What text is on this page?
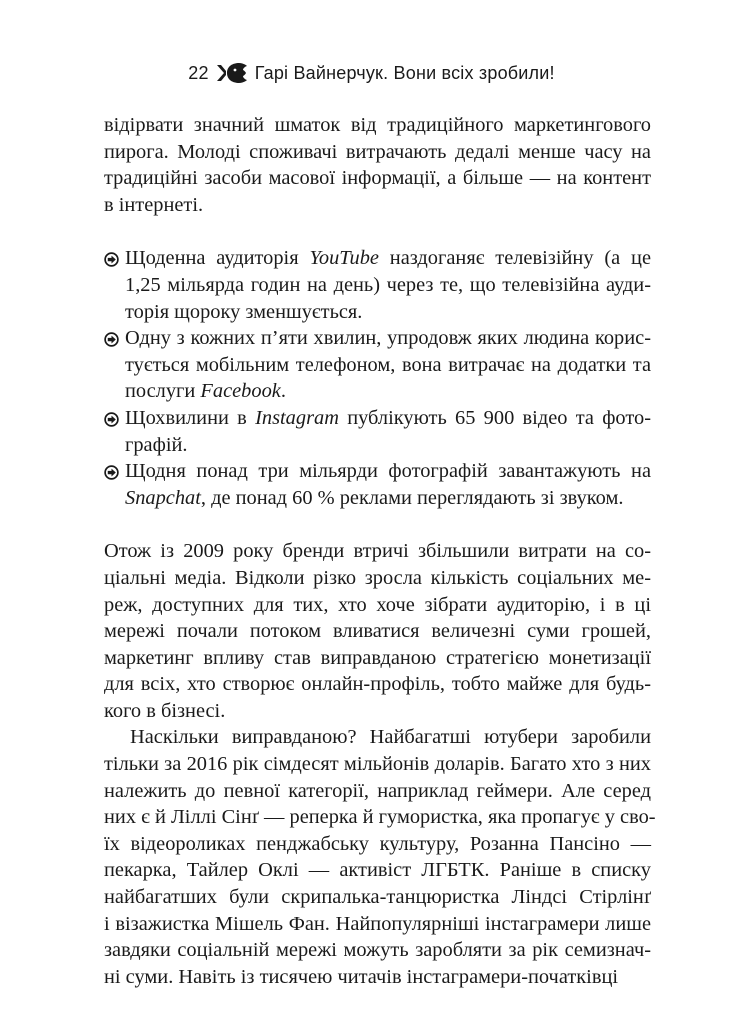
22	Гарі Вайнерчук. Вони всіх зробили!
відірвати значний шматок від традиційного маркетингового
пирога. Молоді споживачі витрачають дедалі менше часу на
традиційні засоби масової інформації, а більше — на контент
в інтернеті.
Щоденна аудиторія YouTube наздоганяє телевізійну (а це
1,25 мільярда годин на день) через те, що телевізійна ауди-
торія щороку зменшується.
Одну з кожних п’яти хвилин, упродовж яких людина корис-
тується мобільним телефоном, вона витрачає на додатки та
послуги Facebook.
Щохвилини в Instagram публікують 65 900 відео та фото-
графій.
Щодня понад три мільярди фотографій завантажують на
Snapchat, де понад 60 % реклами переглядають зі звуком.
Отож із 2009 року бренди втричі збільшили витрати на со-
ціальні медіа. Відколи різко зросла кількість соціальних ме-
реж, доступних для тих, хто хоче зібрати аудиторію, і в ці
мережі почали потоком вливатися величезні суми грошей,
маркетинг впливу став виправданою стратегією монетизації
для всіх, хто створює онлайн-профіль, тобто майже для будь-
кого в бізнесі.
Наскільки виправданою? Найбагатші ютубери заробили
тільки за 2016 рік сімдесят мільйонів доларів. Багато хто з них
належить до певної категорії, наприклад геймери. Але серед
них є й Ліллі Сінґ — реперка й гумористка, яка пропагує у сво-
їх відеороликах пенджабську культуру, Розанна Пансіно —
пекарка, Тайлер Оклі — активіст ЛГБТК. Раніше в списку
найбагатших були скрипалька-танцюристка Ліндсі Стірлінґ
і візажистка Мішель Фан. Найпопулярніші інстаграмери лише
завдяки соціальній мережі можуть заробляти за рік семизнач-
ні суми. Навіть із тисячею читачів інстаграмери-початківці
